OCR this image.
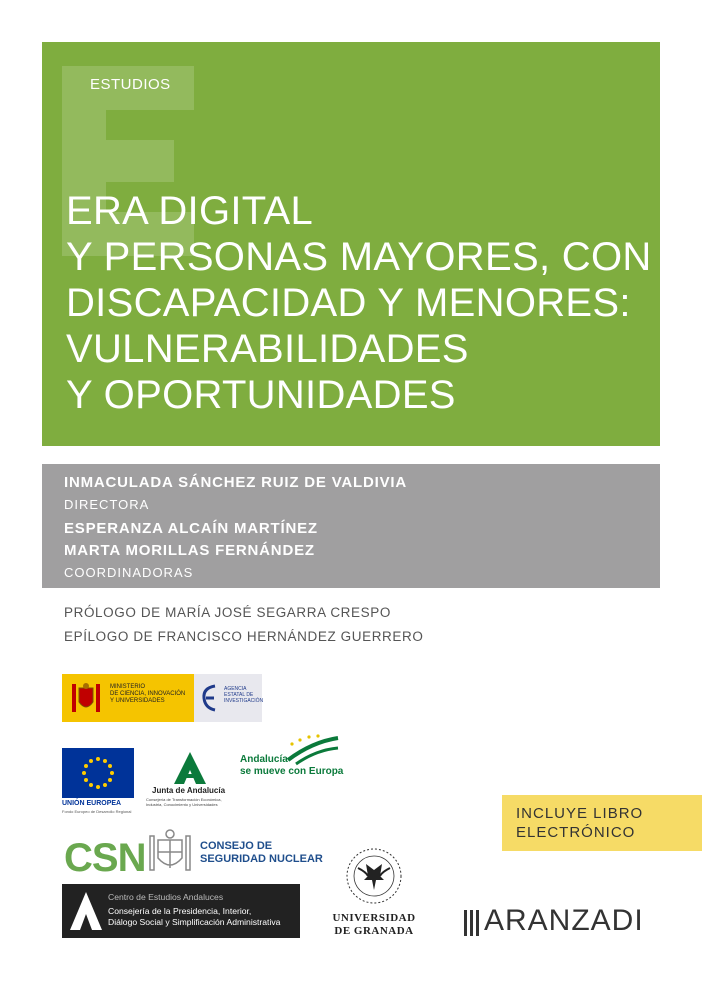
ESTUDIOS
ERA DIGITAL
Y PERSONAS MAYORES, CON
DISCAPACIDAD Y MENORES:
VULNERABILIDADES
Y OPORTUNIDADES
INMACULADA SÁNCHEZ RUIZ DE VALDIVIA
DIRECTORA
ESPERANZA ALCAÍN MARTÍNEZ
MARTA MORILLAS FERNÁNDEZ
COORDINADORAS
PRÓLOGO DE MARÍA JOSÉ SEGARRA CRESPO
EPÍLOGO DE FRANCISCO HERNÁNDEZ GUERRERO
MINISTERIO
DE CIENCIA, INNOVACIÓN
Y UNIVERSIDADES
AGENCIA
ESTATAL DE
INVESTIGACIÓN
UNIÓN EUROPEA
Fondo Europeo de Desarrollo Regional
Junta de Andalucía
Consejería de Transformación Económica,
Industria, Conocimiento y Universidades
Andalucía
se mueve con Europa
CSN	CONSEJO DE
SEGURIDAD NUCLEAR
Centro de Estudios Andaluces
Consejería de la Presidencia, Interior,
Diálogo Social y Simplificación Administrativa	UNIVERSIDAD
DE GRANADA
INCLUYE LIBRO
ELECTRÓNICO
ARANZADI
